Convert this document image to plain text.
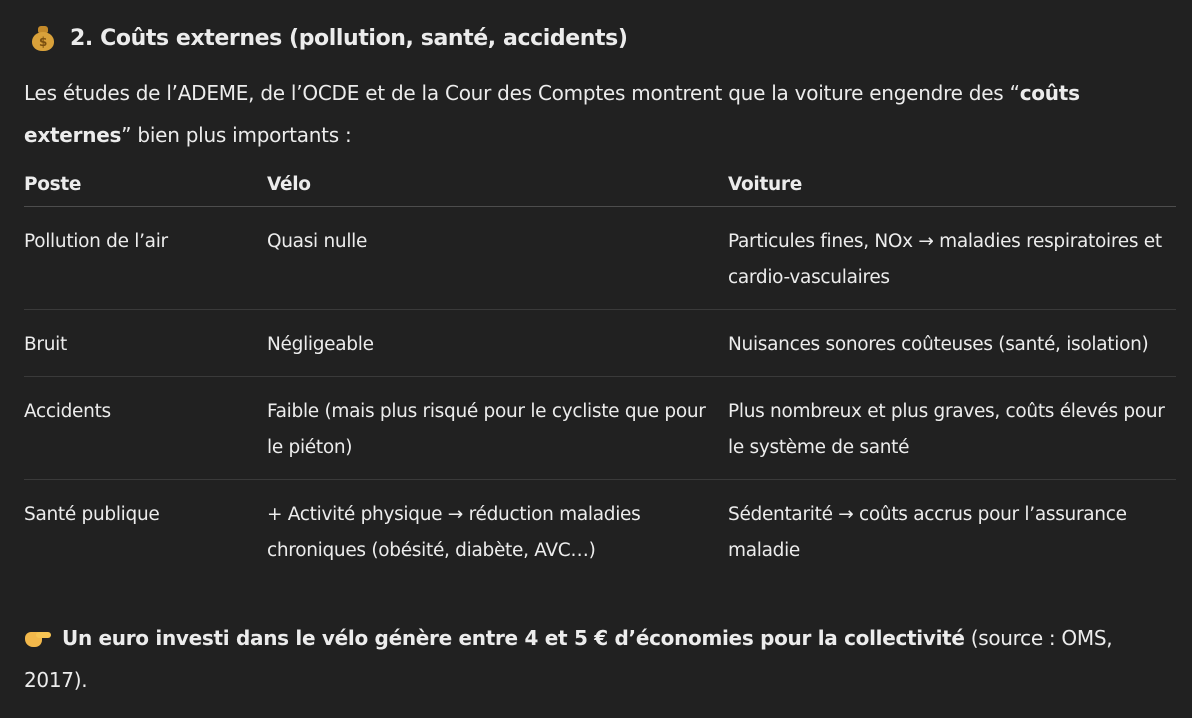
$	2. Coûts externes (pollution, santé, accidents)
Les études de l’ADEME, de l’OCDE et de la Cour des Comptes montrent que la voiture engendre des “coûts externes” bien plus importants :
Poste	Vélo	Voiture
Pollution de l’air	Quasi nulle	Particules fines, NOx → maladies respiratoires et cardio-vasculaires
Bruit	Négligeable	Nuisances sonores coûteuses (santé, isolation)
Accidents	Faible (mais plus risqué pour le cycliste que pour le piéton)	Plus nombreux et plus graves, coûts élevés pour le système de santé
Santé publique	+ Activité physique → réduction maladies chroniques (obésité, diabète, AVC…)	Sédentarité → coûts accrus pour l’assurance maladie
Un euro investi dans le vélo génère entre 4 et 5 € d’économies pour la collectivité (source : OMS, 2017).
